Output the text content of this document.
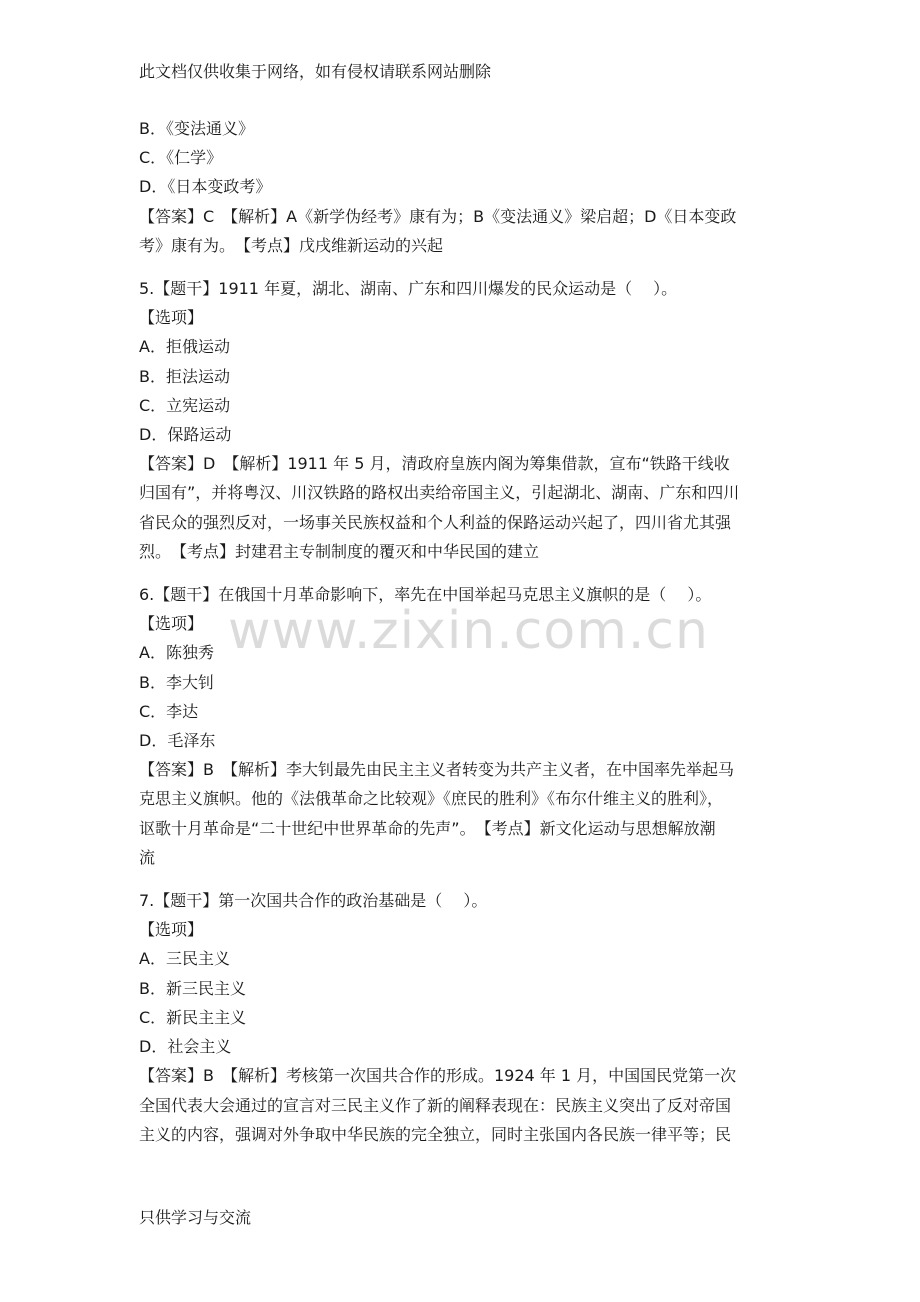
此文档仅供收集于网络，如有侵权请联系网站删除
www.zixin.com.cn
B．《变法通义》
C．《仁学》
D．《日本变政考》
【答案】C　【解析】A《新学伪经考》康有为；B《变法通义》梁启超；D《日本变政
考》康有为。　【考点】戊戌维新运动的兴起
5.【题干】1911 年夏，湖北、湖南、广东和四川爆发的民众运动是（　 ）。
【选项】
A．拒俄运动
B．拒法运动
C．立宪运动
D．保路运动
【答案】D　【解析】1911 年 5 月，清政府皇族内阁为筹集借款，宣布“铁路干线收
归国有”，并将粤汉、川汉铁路的路权出卖给帝国主义，引起湖北、湖南、广东和四川
省民众的强烈反对，一场事关民族权益和个人利益的保路运动兴起了，四川省尤其强
烈。　【考点】封建君主专制制度的覆灭和中华民国的建立
6.【题干】在俄国十月革命影响下，率先在中国举起马克思主义旗帜的是（　 ）。
【选项】
A．陈独秀
B．李大钊
C．李达
D．毛泽东
【答案】B　【解析】李大钊最先由民主主义者转变为共产主义者，在中国率先举起马
克思主义旗帜。他的《法俄革命之比较观》《庶民的胜利》《布尔什维主义的胜利》，
讴歌十月革命是“二十世纪中世界革命的先声”。　【考点】新文化运动与思想解放潮
流
7.【题干】第一次国共合作的政治基础是（　 ）。
【选项】
A．三民主义
B．新三民主义
C．新民主主义
D．社会主义
【答案】B　【解析】考核第一次国共合作的形成。1924 年 1 月，中国国民党第一次
全国代表大会通过的宣言对三民主义作了新的阐释表现在：民族主义突出了反对帝国
主义的内容，强调对外争取中华民族的完全独立，同时主张国内各民族一律平等；民
只供学习与交流
